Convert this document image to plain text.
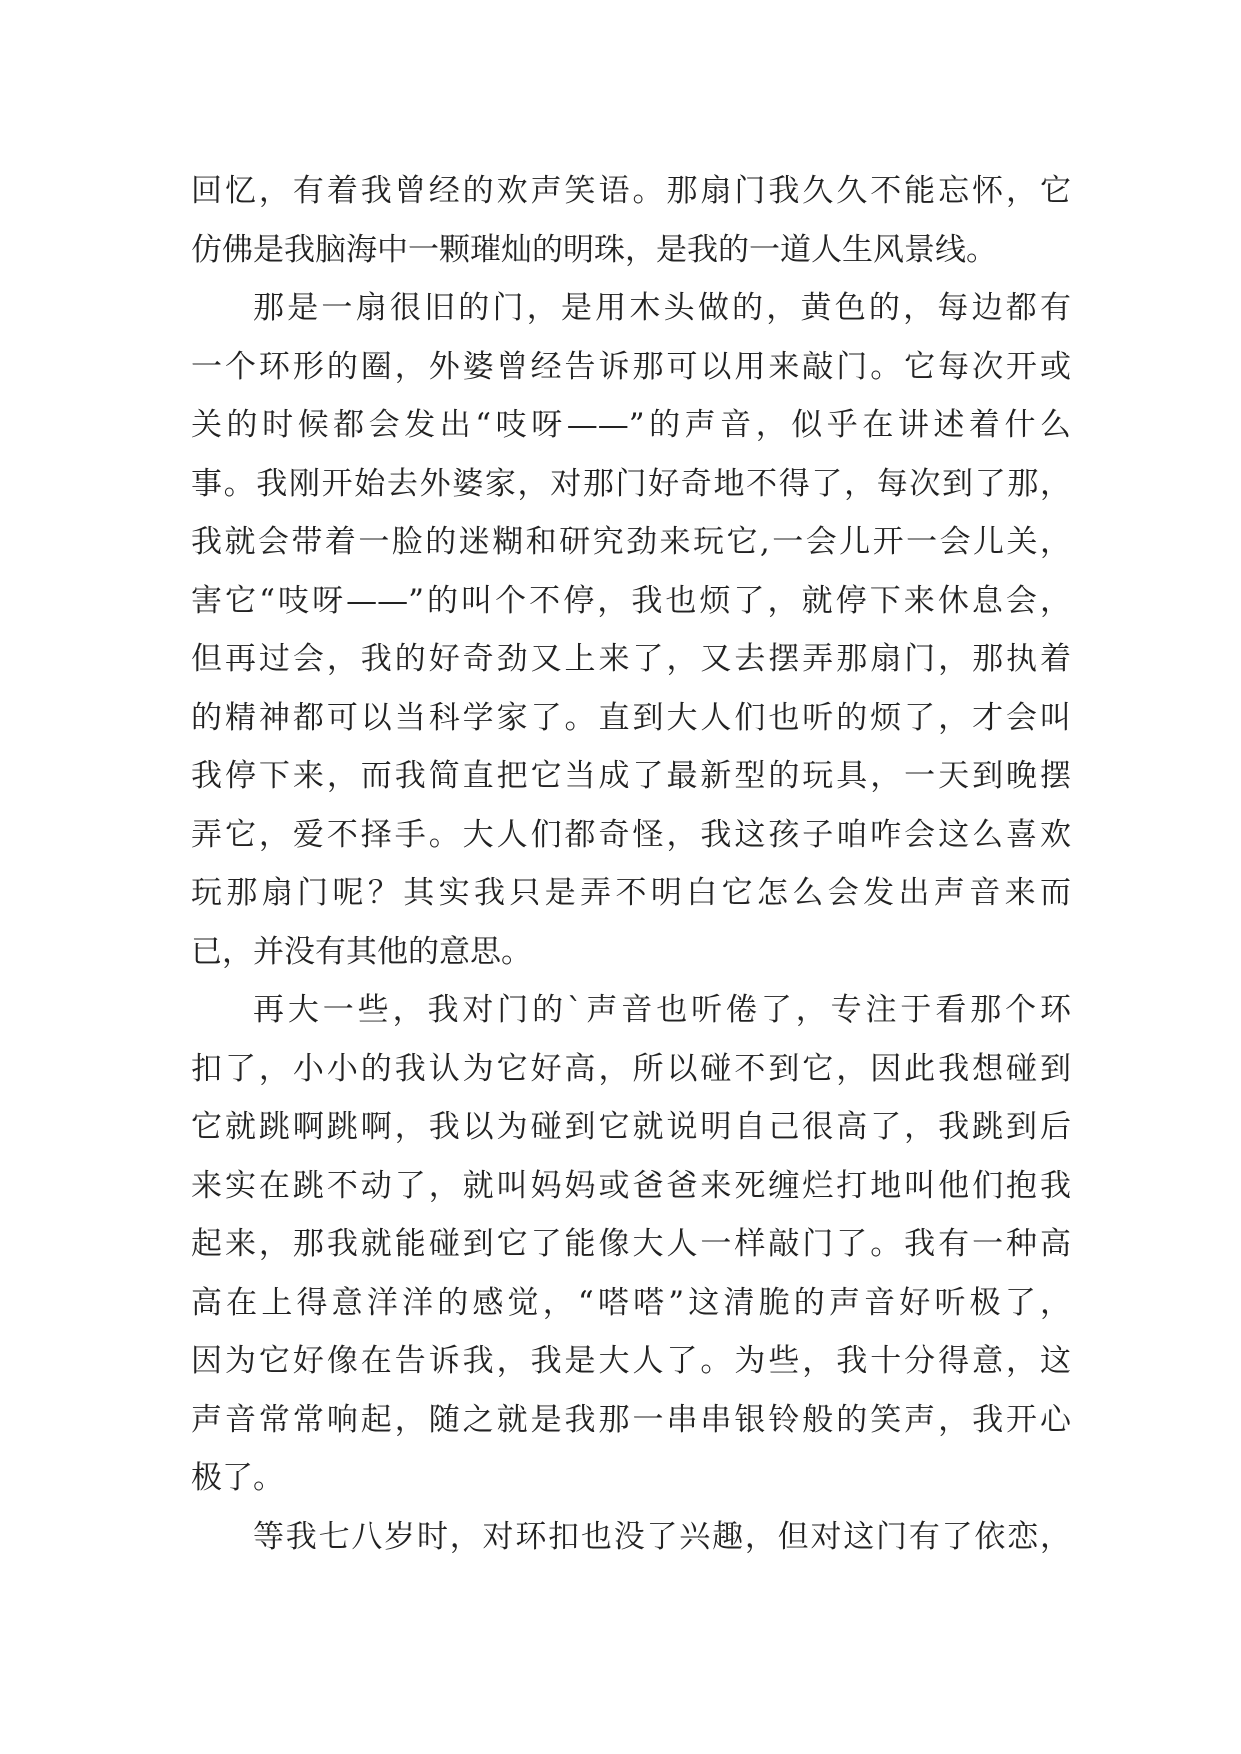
回忆，有着我曾经的欢声笑语。那扇门我久久不能忘怀，它
仿佛是我脑海中一颗璀灿的明珠，是我的一道人生风景线。
那是一扇很旧的门，是用木头做的，黄色的，每边都有
一个环形的圈，外婆曾经告诉那可以用来敲门。它每次开或
关的时候都会发出“吱呀——”的声音，似乎在讲述着什么
事。我刚开始去外婆家，对那门好奇地不得了，每次到了那，
我就会带着一脸的迷糊和研究劲来玩它,一会儿开一会儿关，
害它“吱呀——”的叫个不停，我也烦了，就停下来休息会，
但再过会，我的好奇劲又上来了，又去摆弄那扇门，那执着
的精神都可以当科学家了。直到大人们也听的烦了，才会叫
我停下来，而我简直把它当成了最新型的玩具，一天到晚摆
弄它，爱不择手。大人们都奇怪，我这孩子咱咋会这么喜欢
玩那扇门呢？其实我只是弄不明白它怎么会发出声音来而
已，并没有其他的意思。
再大一些，我对门的`声音也听倦了，专注于看那个环
扣了，小小的我认为它好高，所以碰不到它，因此我想碰到
它就跳啊跳啊，我以为碰到它就说明自己很高了，我跳到后
来实在跳不动了，就叫妈妈或爸爸来死缠烂打地叫他们抱我
起来，那我就能碰到它了能像大人一样敲门了。我有一种高
高在上得意洋洋的感觉，“嗒嗒”这清脆的声音好听极了，
因为它好像在告诉我，我是大人了。为些，我十分得意，这
声音常常响起，随之就是我那一串串银铃般的笑声，我开心
极了。
等我七八岁时，对环扣也没了兴趣，但对这门有了依恋，
